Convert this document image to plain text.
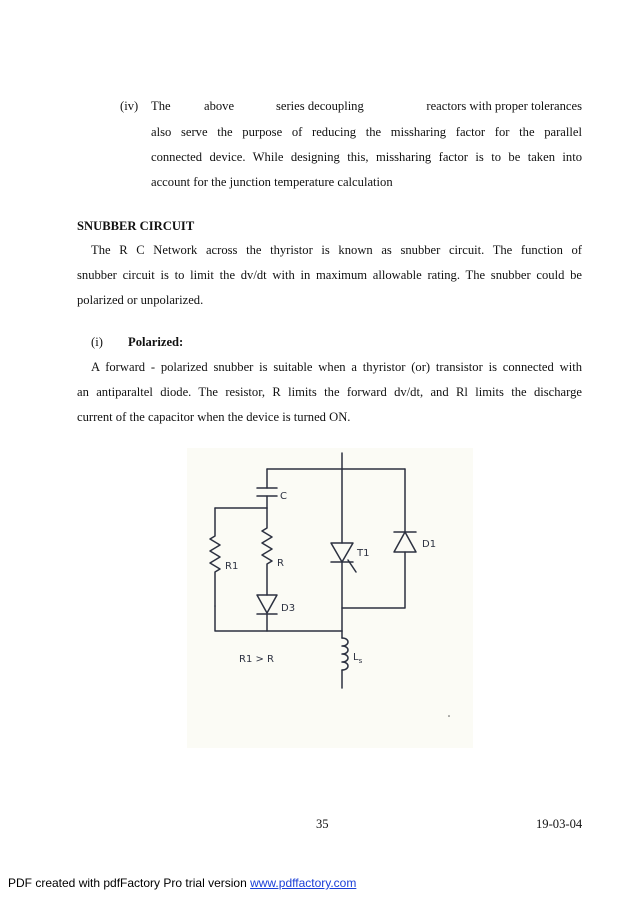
(iv) The	above	series decoupling	reactors with proper tolerances
also serve the purpose of reducing the missharing factor for the parallel
connected device. While designing this, missharing factor is to be taken into
account for the junction temperature calculation
SNUBBER CIRCUIT
The R C Network across the thyristor is known as snubber circuit. The function of
snubber circuit is to limit the dv/dt with in maximum allowable rating. The snubber could be
polarized or unpolarized.
(i) Polarized:
A forward - polarized snubber is suitable when a thyristor (or) transistor is connected with
an antiparaltel diode. The resistor, R limits the forward dv/dt, and Rl limits the discharge
current of the capacitor when the device is turned ON.
C
R1	R
T1
D1
D3
R1 > R	$L_s$
35	19-03-04
PDF created with pdfFactory Pro trial version www.pdffactory.com
